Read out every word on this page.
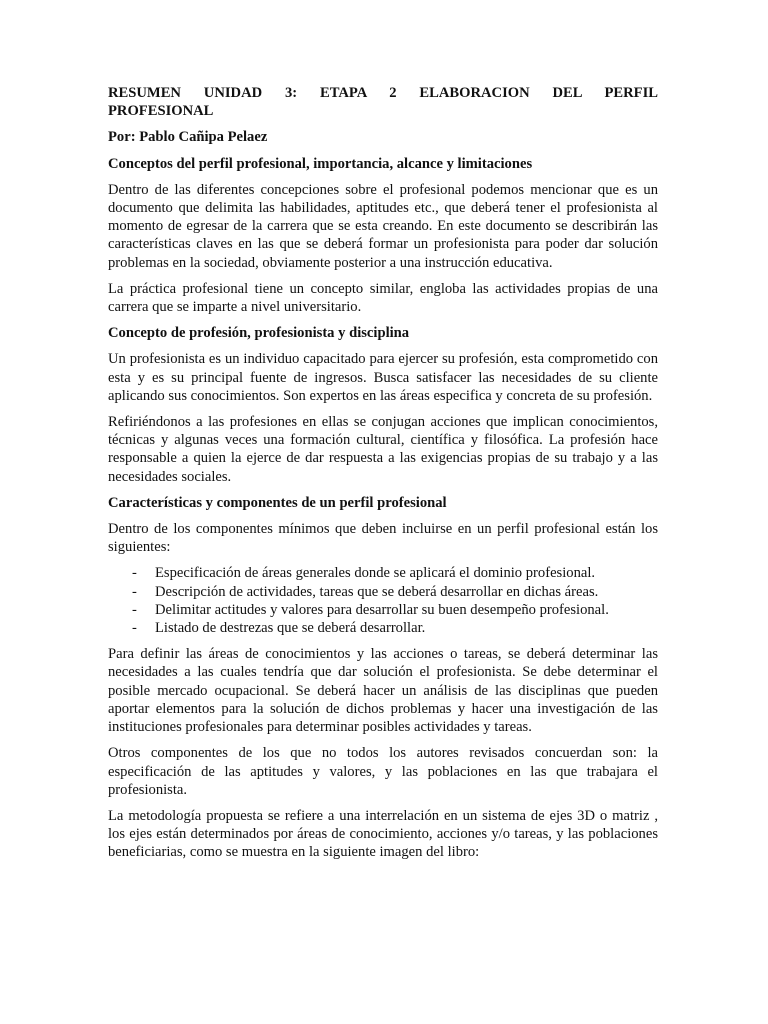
RESUMEN UNIDAD 3: ETAPA 2 ELABORACION DEL PERFIL
PROFESIONAL
Por: Pablo Cañipa Pelaez
Conceptos del perfil profesional, importancia, alcance y limitaciones

Dentro de las diferentes concepciones sobre el profesional podemos mencionar que es un documento que delimita las habilidades, aptitudes etc., que deberá tener el profesionista al momento de egresar de la carrera que se esta creando. En este documento se describirán las características claves en las que se deberá formar un profesionista para poder dar solución problemas en la sociedad, obviamente posterior a una instrucción educativa.

La práctica profesional tiene un concepto similar, engloba las actividades propias de una carrera que se imparte a nivel universitario.

Concepto de profesión, profesionista y disciplina

Un profesionista es un individuo capacitado para ejercer su profesión, esta comprometido con esta y es su principal fuente de ingresos. Busca satisfacer las necesidades de su cliente aplicando sus conocimientos. Son expertos en las áreas especifica y concreta de su profesión.

Refiriéndonos a las profesiones en ellas se conjugan acciones que implican conocimientos, técnicas y algunas veces una formación cultural, científica y filosófica. La profesión hace responsable a quien la ejerce de dar respuesta a las exigencias propias de su trabajo y a las necesidades sociales.

Características y componentes de un perfil profesional

Dentro de los componentes mínimos que deben incluirse en un perfil profesional están los siguientes:

- Especificación de áreas generales donde se aplicará el dominio profesional.
- Descripción de actividades, tareas que se deberá desarrollar en dichas áreas.
- Delimitar actitudes y valores para desarrollar su buen desempeño profesional.
- Listado de destrezas que se deberá desarrollar.

Para definir las áreas de conocimientos y las acciones o tareas, se deberá determinar las necesidades a las cuales tendría que dar solución el profesionista. Se debe determinar el posible mercado ocupacional. Se deberá hacer un análisis de las disciplinas que pueden aportar elementos para la solución de dichos problemas y hacer una investigación de las instituciones profesionales para determinar posibles actividades y tareas.

Otros componentes de los que no todos los autores revisados concuerdan son: la especificación de las aptitudes y valores, y las poblaciones en las que trabajara el profesionista.

La metodología propuesta se refiere a una interrelación en un sistema de ejes 3D o matriz , los ejes están determinados por áreas de conocimiento, acciones y/o tareas, y las poblaciones beneficiarias, como se muestra en la siguiente imagen del libro:
